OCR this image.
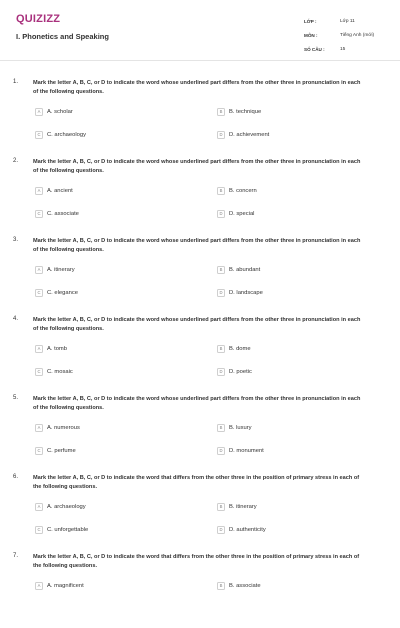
QUIZIZZ
I. Phonetics and Speaking
LỚP :	Lớp 11
MÔN :	Tiếng Anh (mới)
SỐ CÂU :	15
1.	Mark the letter A, B, C, or D to indicate the word whose underlined part differs from the other three in pronunciation in each of the following questions.
A	A. scholar	B	B. technique
C	C. archaeology	D	D. achievement
2.	Mark the letter A, B, C, or D to indicate the word whose underlined part differs from the other three in pronunciation in each of the following questions.
A	A. ancient	B	B. concern
C	C. associate	D	D. special
3.	Mark the letter A, B, C, or D to indicate the word whose underlined part differs from the other three in pronunciation in each of the following questions.
A	A. itinerary	B	B. abundant
C	C. elegance	D	D. landscape
4.	Mark the letter A, B, C, or D to indicate the word whose underlined part differs from the other three in pronunciation in each of the following questions.
A	A. tomb	B	B. dome
C	C. mosaic	D	D. poetic
5.	Mark the letter A, B, C, or D to indicate the word whose underlined part differs from the other three in pronunciation in each of the following questions.
A	A. numerous	B	B. luxury
C	C. perfume	D	D. monument
6.	Mark the letter A, B, C, or D to indicate the word that differs from the other three in the position of primary stress in each of the following questions.
A	A. archaeology	B	B. itinerary
C	C. unforgettable	D	D. authenticity
7.	Mark the letter A, B, C, or D to indicate the word that differs from the other three in the position of primary stress in each of the following questions.
A	A. magnificent	B	B. associate
